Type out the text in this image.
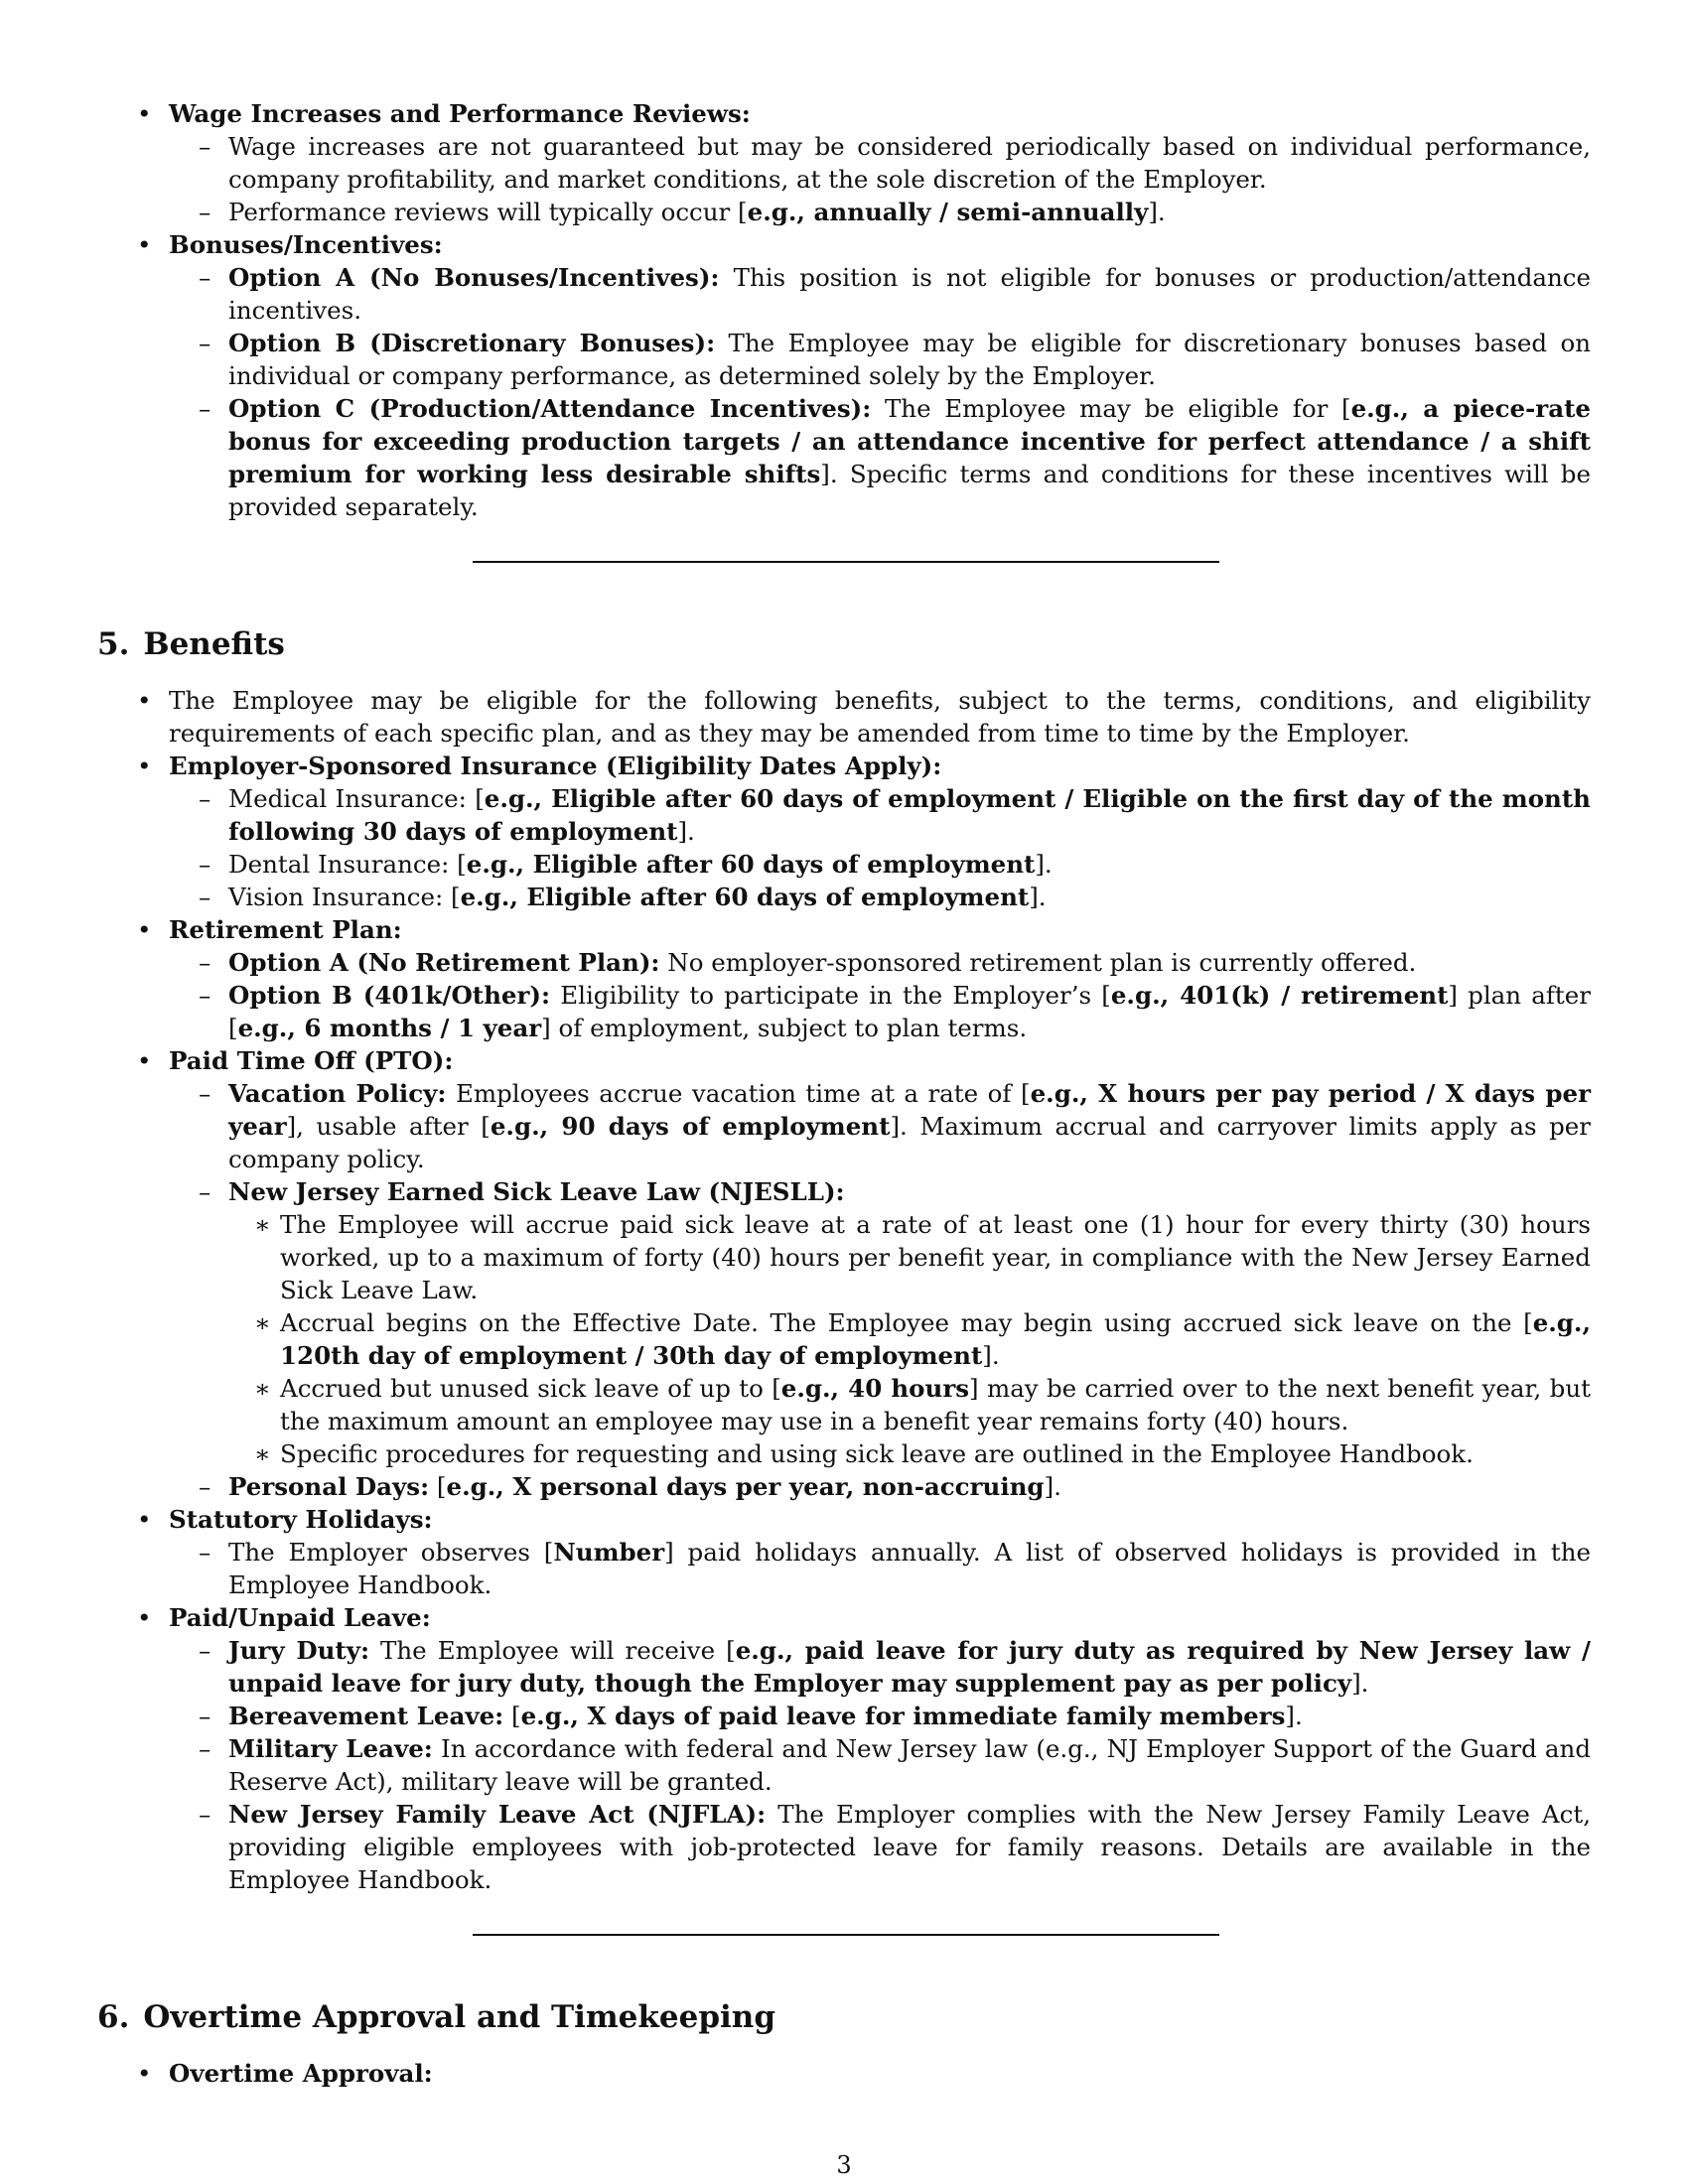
• Wage Increases and Performance Reviews:
– Wage increases are not guaranteed but may be considered periodically based on individual performance, company profitability, and market conditions, at the sole discretion of the Employer.
– Performance reviews will typically occur [e.g., annually / semi-annually].
• Bonuses/Incentives:
– Option A (No Bonuses/Incentives): This position is not eligible for bonuses or production/attendance incentives.
– Option B (Discretionary Bonuses): The Employee may be eligible for discretionary bonuses based on individual or company performance, as determined solely by the Employer.
– Option C (Production/Attendance Incentives): The Employee may be eligible for [e.g., a piece-rate bonus for exceeding production targets / an attendance incentive for perfect attendance / a shift premium for working less desirable shifts]. Specific terms and conditions for these incentives will be provided separately.
5. Benefits
• The Employee may be eligible for the following benefits, subject to the terms, conditions, and eligibility requirements of each specific plan, and as they may be amended from time to time by the Employer.
• Employer-Sponsored Insurance (Eligibility Dates Apply):
– Medical Insurance: [e.g., Eligible after 60 days of employment / Eligible on the first day of the month following 30 days of employment].
– Dental Insurance: [e.g., Eligible after 60 days of employment].
– Vision Insurance: [e.g., Eligible after 60 days of employment].
• Retirement Plan:
– Option A (No Retirement Plan): No employer-sponsored retirement plan is currently offered.
– Option B (401k/Other): Eligibility to participate in the Employer’s [e.g., 401(k) / retirement] plan after [e.g., 6 months / 1 year] of employment, subject to plan terms.
• Paid Time Off (PTO):
– Vacation Policy: Employees accrue vacation time at a rate of [e.g., X hours per pay period / X days per year], usable after [e.g., 90 days of employment]. Maximum accrual and carryover limits apply as per company policy.
– New Jersey Earned Sick Leave Law (NJESLL):
∗ The Employee will accrue paid sick leave at a rate of at least one (1) hour for every thirty (30) hours worked, up to a maximum of forty (40) hours per benefit year, in compliance with the New Jersey Earned Sick Leave Law.
∗ Accrual begins on the Effective Date. The Employee may begin using accrued sick leave on the [e.g., 120th day of employment / 30th day of employment].
∗ Accrued but unused sick leave of up to [e.g., 40 hours] may be carried over to the next benefit year, but the maximum amount an employee may use in a benefit year remains forty (40) hours.
∗ Specific procedures for requesting and using sick leave are outlined in the Employee Handbook.
– Personal Days: [e.g., X personal days per year, non-accruing].
• Statutory Holidays:
– The Employer observes [Number] paid holidays annually. A list of observed holidays is provided in the Employee Handbook.
• Paid/Unpaid Leave:
– Jury Duty: The Employee will receive [e.g., paid leave for jury duty as required by New Jersey law / unpaid leave for jury duty, though the Employer may supplement pay as per policy].
– Bereavement Leave: [e.g., X days of paid leave for immediate family members].
– Military Leave: In accordance with federal and New Jersey law (e.g., NJ Employer Support of the Guard and Reserve Act), military leave will be granted.
– New Jersey Family Leave Act (NJFLA): The Employer complies with the New Jersey Family Leave Act, providing eligible employees with job-protected leave for family reasons. Details are available in the Employee Handbook.
6. Overtime Approval and Timekeeping
• Overtime Approval:
3
